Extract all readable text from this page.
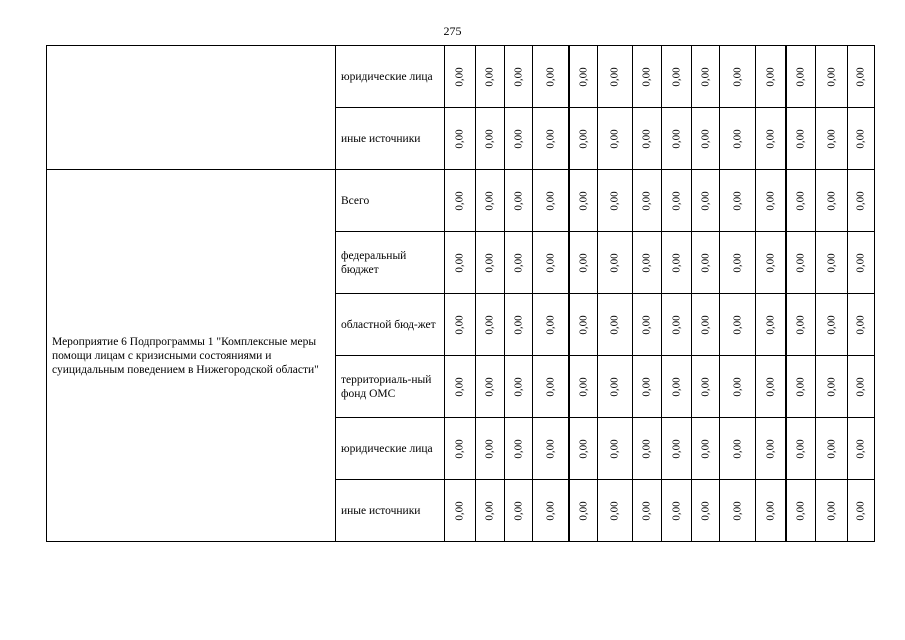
275
	юридические лица	0,00	0,00	0,00	0,00	0,00	0,00	0,00	0,00	0,00	0,00	0,00	0,00	0,00	0,00
	иные источники	0,00	0,00	0,00	0,00	0,00	0,00	0,00	0,00	0,00	0,00	0,00	0,00	0,00	0,00
Мероприятие 6 Подпрограммы 1 "Комплексные меры помощи лицам с кризисными состояниями и суицидальным поведением в Нижегородской области"	Всего	0,00	0,00	0,00	0,00	0,00	0,00	0,00	0,00	0,00	0,00	0,00	0,00	0,00	0,00
	федеральный бюджет	0,00	0,00	0,00	0,00	0,00	0,00	0,00	0,00	0,00	0,00	0,00	0,00	0,00	0,00
	областной бюд-жет	0,00	0,00	0,00	0,00	0,00	0,00	0,00	0,00	0,00	0,00	0,00	0,00	0,00	0,00
	территориаль-ный фонд ОМС	0,00	0,00	0,00	0,00	0,00	0,00	0,00	0,00	0,00	0,00	0,00	0,00	0,00	0,00
	юридические лица	0,00	0,00	0,00	0,00	0,00	0,00	0,00	0,00	0,00	0,00	0,00	0,00	0,00	0,00
	иные источники	0,00	0,00	0,00	0,00	0,00	0,00	0,00	0,00	0,00	0,00	0,00	0,00	0,00	0,00
